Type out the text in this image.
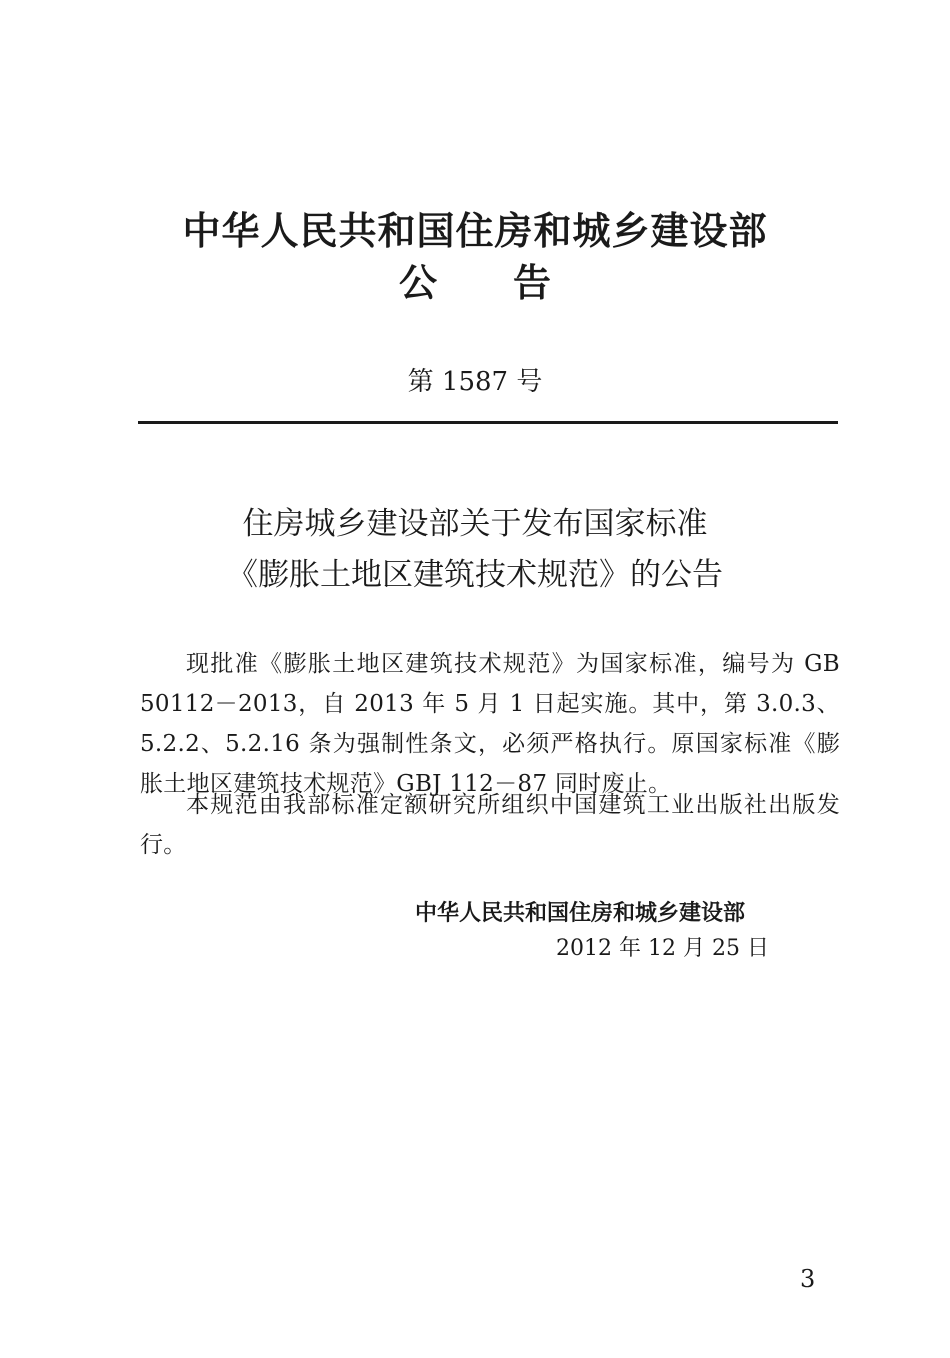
中华人民共和国住房和城乡建设部
公　　告
第 1587 号
住房城乡建设部关于发布国家标准
《膨胀土地区建筑技术规范》的公告
现批准《膨胀土地区建筑技术规范》为国家标准，编号为 GB 50112－2013，自 2013 年 5 月 1 日起实施。其中，第 3.0.3、5.2.2、5.2.16 条为强制性条文，必须严格执行。原国家标准《膨胀土地区建筑技术规范》GBJ 112－87 同时废止。
本规范由我部标准定额研究所组织中国建筑工业出版社出版发行。
中华人民共和国住房和城乡建设部
2012 年 12 月 25 日
3
